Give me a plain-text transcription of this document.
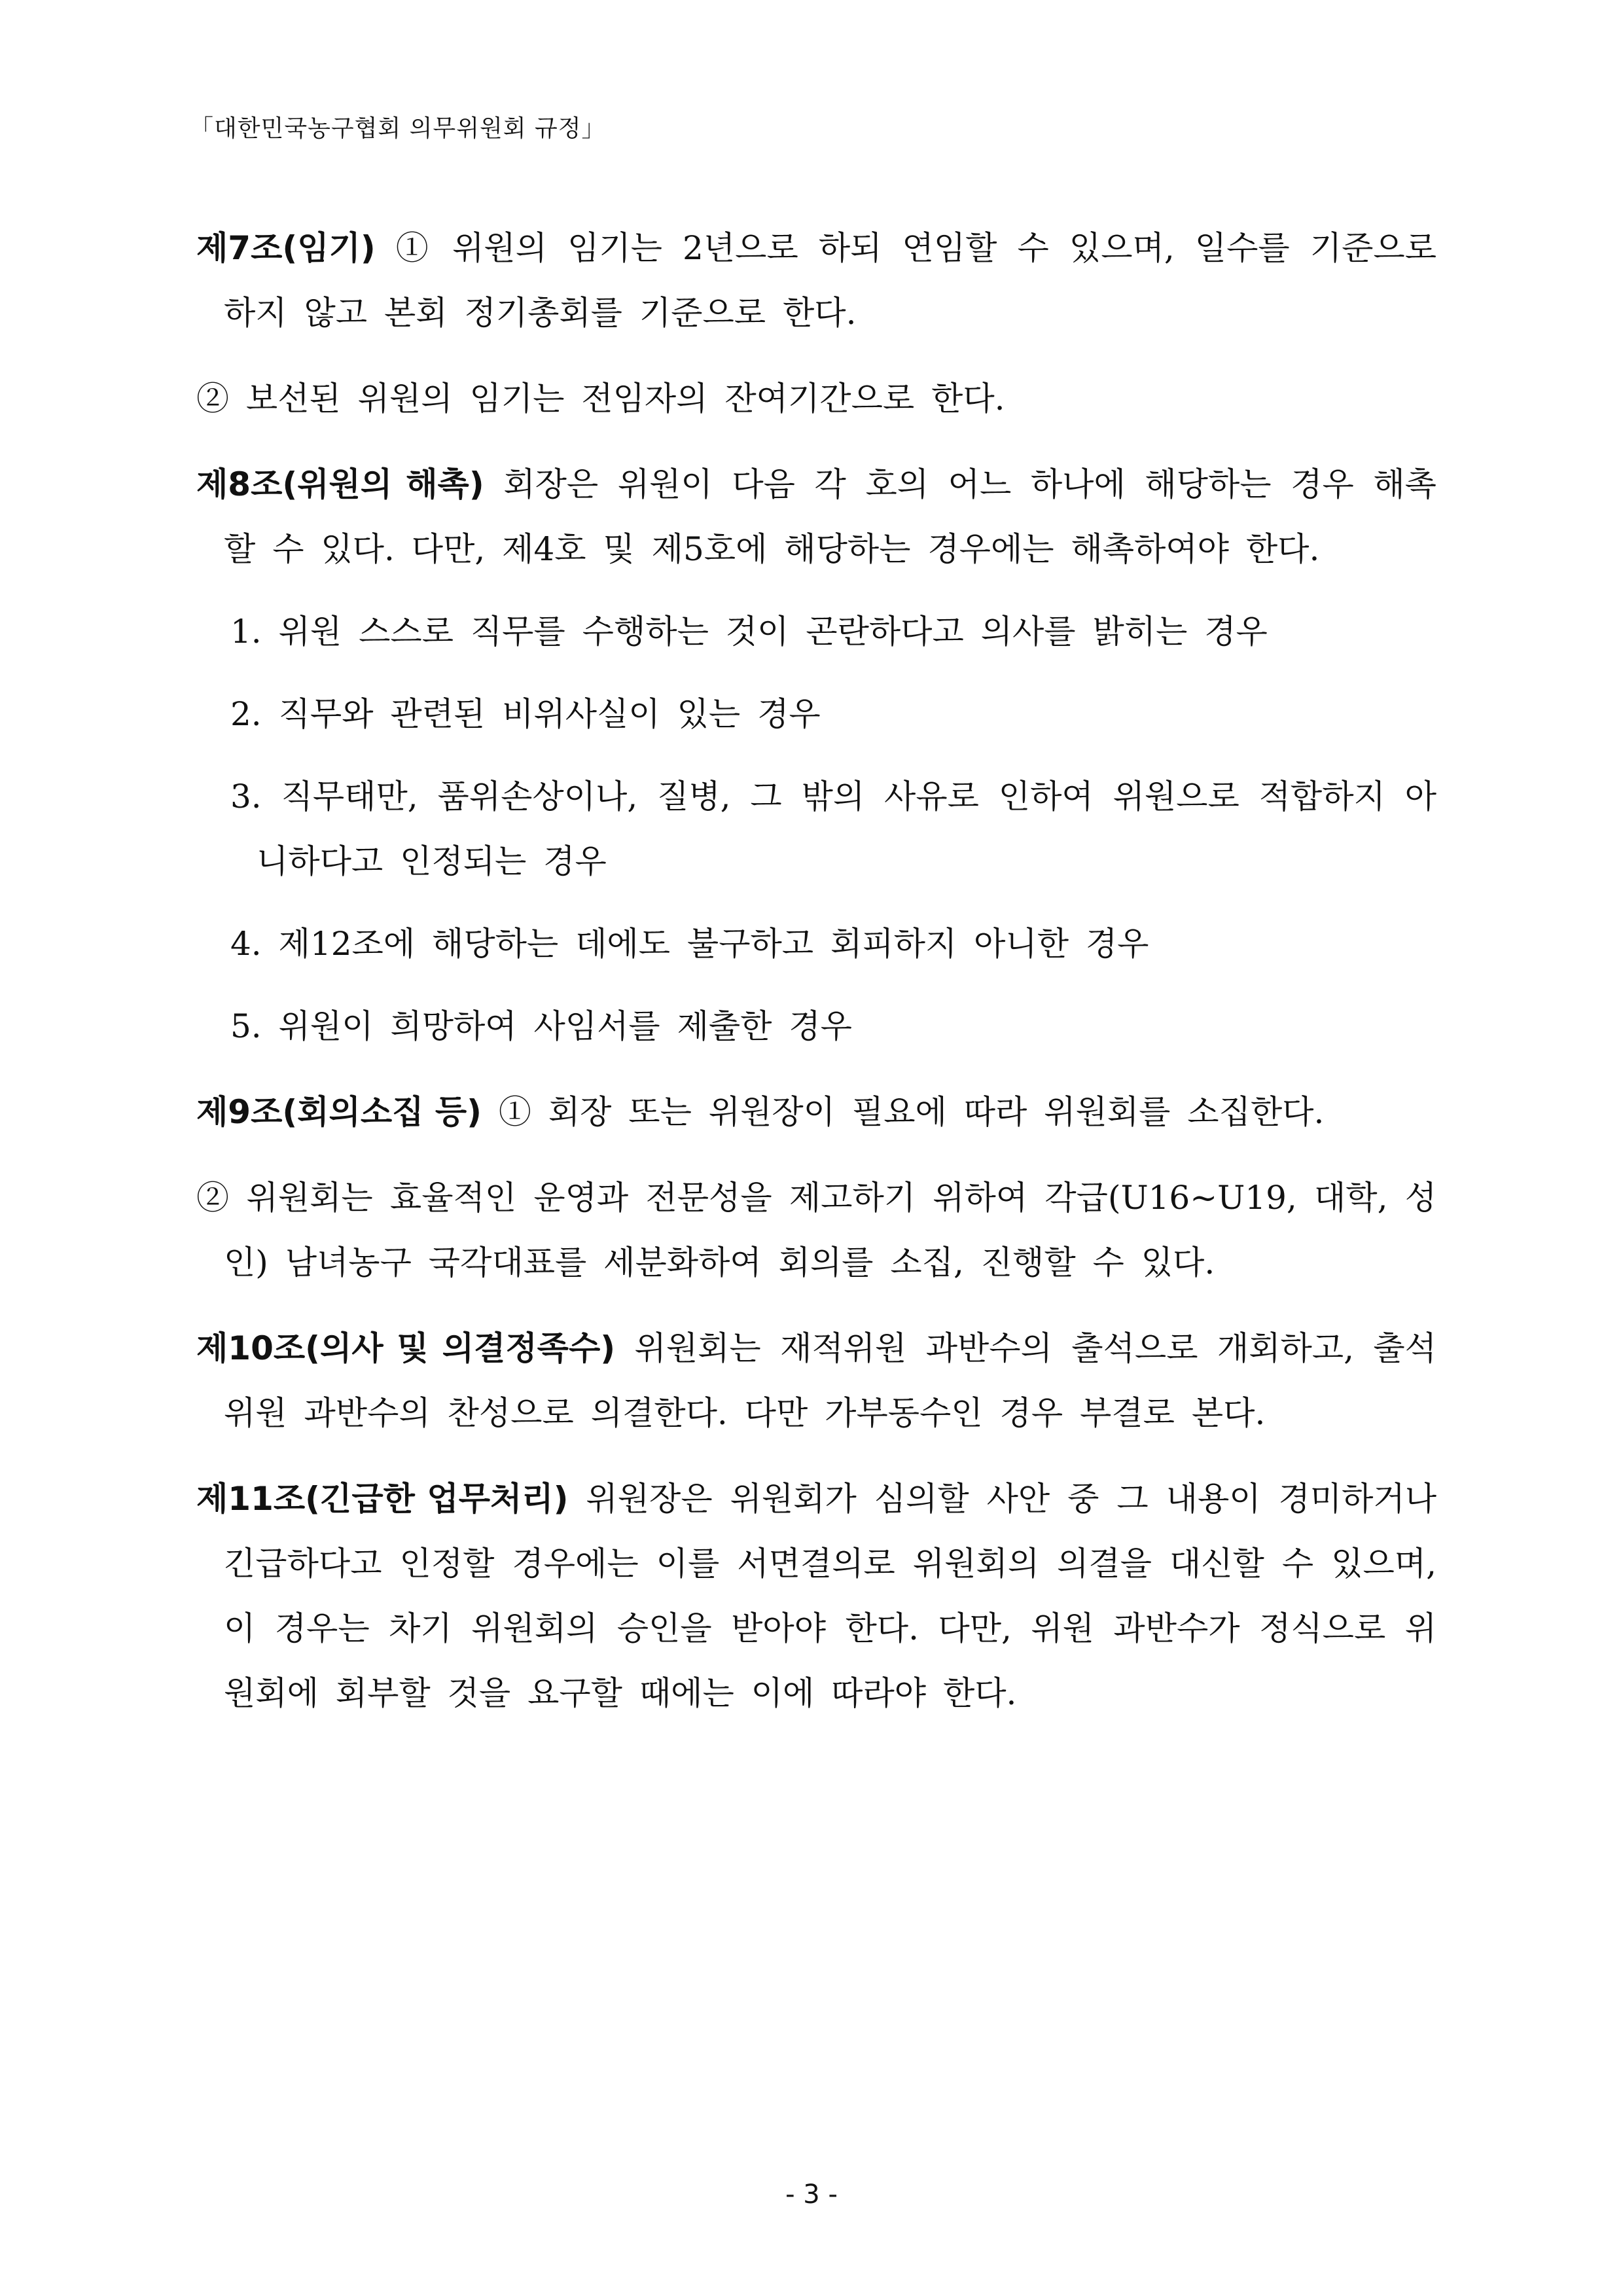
「대한민국농구협회 의무위원회 규정」
제7조(임기) ① 위원의 임기는 2년으로 하되 연임할 수 있으며, 일수를 기준으로 하지 않고 본회 정기총회를 기준으로 한다.
② 보선된 위원의 임기는 전임자의 잔여기간으로 한다.
제8조(위원의 해촉) 회장은 위원이 다음 각 호의 어느 하나에 해당하는 경우 해촉할 수 있다. 다만, 제4호 및 제5호에 해당하는 경우에는 해촉하여야 한다.
1. 위원 스스로 직무를 수행하는 것이 곤란하다고 의사를 밝히는 경우
2. 직무와 관련된 비위사실이 있는 경우
3. 직무태만, 품위손상이나, 질병, 그 밖의 사유로 인하여 위원으로 적합하지 아니하다고 인정되는 경우
4. 제12조에 해당하는 데에도 불구하고 회피하지 아니한 경우
5. 위원이 희망하여 사임서를 제출한 경우
제9조(회의소집 등) ① 회장 또는 위원장이 필요에 따라 위원회를 소집한다.
② 위원회는 효율적인 운영과 전문성을 제고하기 위하여 각급(U16~U19, 대학, 성인) 남녀농구 국각대표를 세분화하여 회의를 소집, 진행할 수 있다.
제10조(의사 및 의결정족수) 위원회는 재적위원 과반수의 출석으로 개회하고, 출석위원 과반수의 찬성으로 의결한다. 다만 가부동수인 경우 부결로 본다.
제11조(긴급한 업무처리) 위원장은 위원회가 심의할 사안 중 그 내용이 경미하거나 긴급하다고 인정할 경우에는 이를 서면결의로 위원회의 의결을 대신할 수 있으며, 이 경우는 차기 위원회의 승인을 받아야 한다. 다만, 위원 과반수가 정식으로 위원회에 회부할 것을 요구할 때에는 이에 따라야 한다.
- 3 -
